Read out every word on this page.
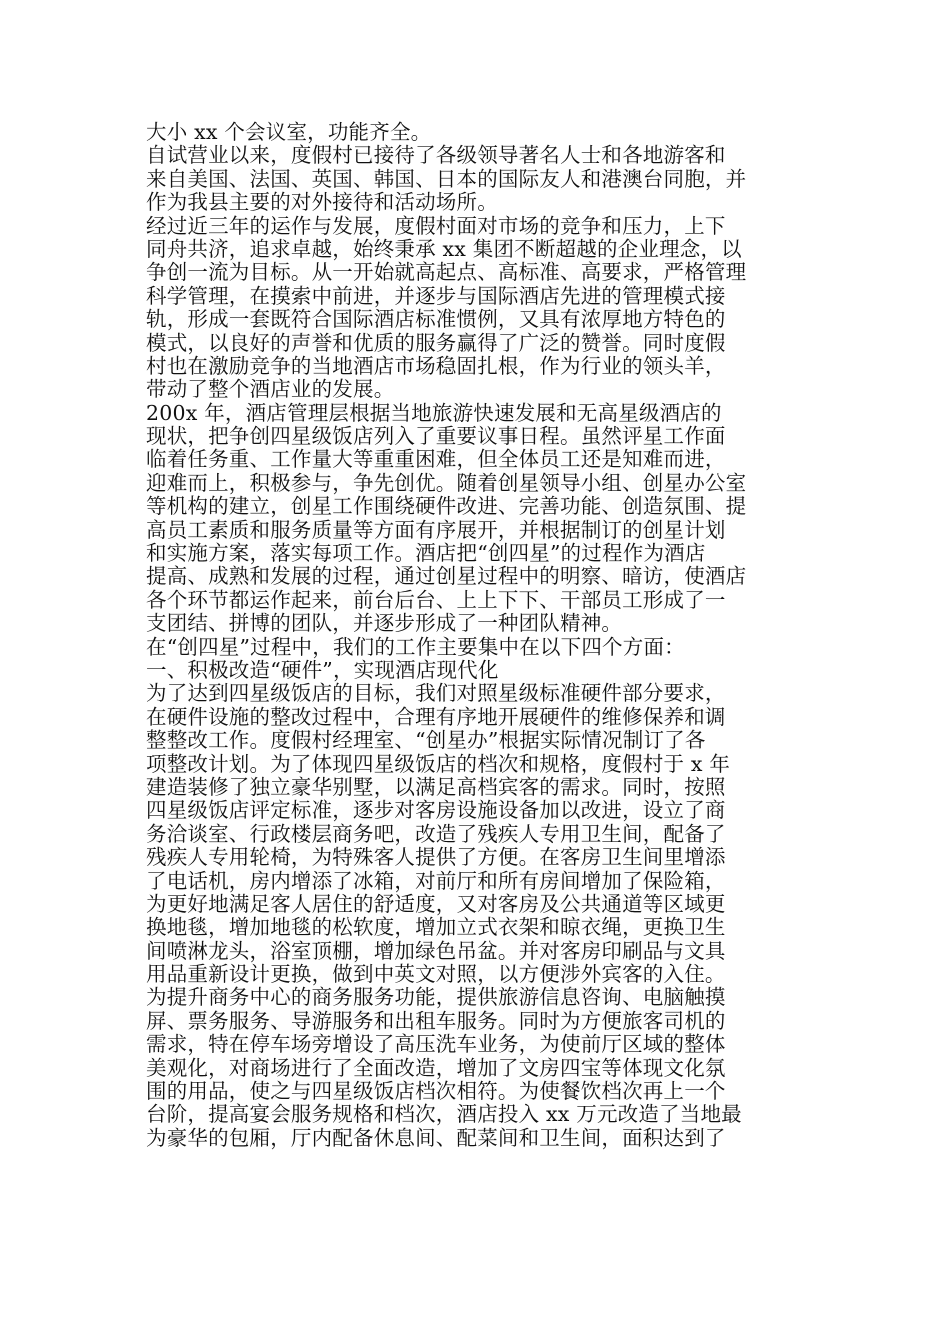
大小 xx 个会议室，功能齐全。
自试营业以来，度假村已接待了各级领导著名人士和各地游客和
来自美国、法国、英国、韩国、日本的国际友人和港澳台同胞，并
作为我县主要的对外接待和活动场所。
经过近三年的运作与发展，度假村面对市场的竞争和压力，上下
同舟共济，追求卓越，始终秉承 xx 集团不断超越的企业理念，以
争创一流为目标。从一开始就高起点、高标准、高要求，严格管理
科学管理，在摸索中前进，并逐步与国际酒店先进的管理模式接
轨，形成一套既符合国际酒店标准惯例，又具有浓厚地方特色的
模式，以良好的声誉和优质的服务赢得了广泛的赞誉。同时度假
村也在激励竞争的当地酒店市场稳固扎根，作为行业的领头羊，
带动了整个酒店业的发展。
200x 年，酒店管理层根据当地旅游快速发展和无高星级酒店的
现状，把争创四星级饭店列入了重要议事日程。虽然评星工作面
临着任务重、工作量大等重重困难，但全体员工还是知难而进，
迎难而上，积极参与，争先创优。随着创星领导小组、创星办公室
等机构的建立，创星工作围绕硬件改进、完善功能、创造氛围、提
高员工素质和服务质量等方面有序展开，并根据制订的创星计划
和实施方案，落实每项工作。酒店把“创四星”的过程作为酒店
提高、成熟和发展的过程，通过创星过程中的明察、暗访，使酒店
各个环节都运作起来，前台后台、上上下下、干部员工形成了一
支团结、拼博的团队，并逐步形成了一种团队精神。
在“创四星”过程中，我们的工作主要集中在以下四个方面：
一、积极改造“硬件”，实现酒店现代化
为了达到四星级饭店的目标，我们对照星级标准硬件部分要求，
在硬件设施的整改过程中，合理有序地开展硬件的维修保养和调
整整改工作。度假村经理室、“创星办”根据实际情况制订了各
项整改计划。为了体现四星级饭店的档次和规格，度假村于 x 年
建造装修了独立豪华别墅，以满足高档宾客的需求。同时，按照
四星级饭店评定标准，逐步对客房设施设备加以改进，设立了商
务洽谈室、行政楼层商务吧，改造了残疾人专用卫生间，配备了
残疾人专用轮椅，为特殊客人提供了方便。在客房卫生间里增添
了电话机，房内增添了冰箱，对前厅和所有房间增加了保险箱，
为更好地满足客人居住的舒适度，又对客房及公共通道等区域更
换地毯，增加地毯的松软度，增加立式衣架和晾衣绳，更换卫生
间喷淋龙头，浴室顶棚，增加绿色吊盆。并对客房印刷品与文具
用品重新设计更换，做到中英文对照，以方便涉外宾客的入住。
为提升商务中心的商务服务功能，提供旅游信息咨询、电脑触摸
屏、票务服务、导游服务和出租车服务。同时为方便旅客司机的
需求，特在停车场旁增设了高压洗车业务，为使前厅区域的整体
美观化，对商场进行了全面改造，增加了文房四宝等体现文化氛
围的用品，使之与四星级饭店档次相符。为使餐饮档次再上一个
台阶，提高宴会服务规格和档次，酒店投入 xx 万元改造了当地最
为豪华的包厢，厅内配备休息间、配菜间和卫生间，面积达到了
